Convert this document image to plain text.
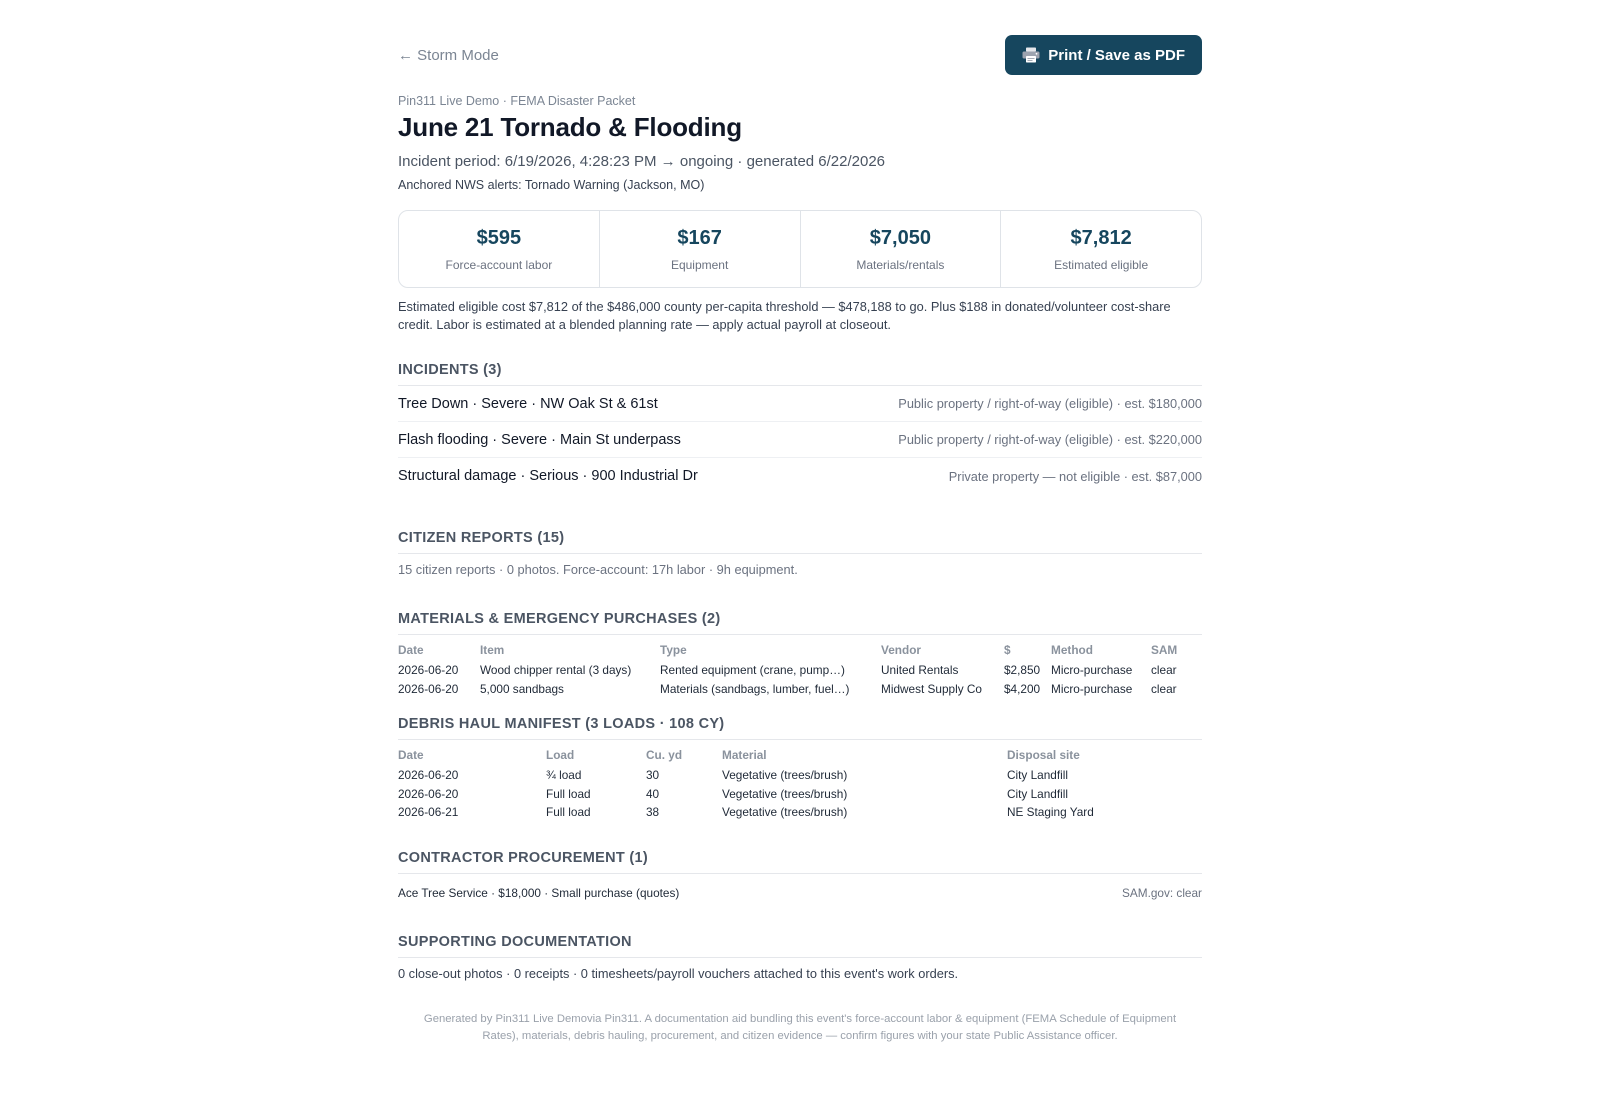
← Storm Mode	Print / Save as PDF
Pin311 Live Demo · FEMA Disaster Packet
June 21 Tornado & Flooding
Incident period: 6/19/2026, 4:28:23 PM → ongoing · generated 6/22/2026
Anchored NWS alerts: Tornado Warning (Jackson, MO)
$595
Force-account labor
$167
Equipment
$7,050
Materials/rentals
$7,812
Estimated eligible

Estimated eligible cost $7,812 of the $486,000 county per-capita threshold — $478,188 to go. Plus $188 in donated/volunteer cost-share credit. Labor is estimated at a blended planning rate — apply actual payroll at closeout.

INCIDENTS (3)
Tree Down · Severe · NW Oak St & 61st	Public property / right-of-way (eligible) · est. $180,000
Flash flooding · Severe · Main St underpass	Public property / right-of-way (eligible) · est. $220,000
Structural damage · Serious · 900 Industrial Dr	Private property — not eligible · est. $87,000
CITIZEN REPORTS (15)

15 citizen reports · 0 photos. Force-account: 17h labor · 9h equipment.

MATERIALS & EMERGENCY PURCHASES (2)
Date	Item	Type	Vendor	$	Method	SAM
2026-06-20	Wood chipper rental (3 days)	Rented equipment (crane, pump…)	United Rentals	$2,850	Micro-purchase	clear
2026-06-20	5,000 sandbags	Materials (sandbags, lumber, fuel…)	Midwest Supply Co	$4,200	Micro-purchase	clear
DEBRIS HAUL MANIFEST (3 LOADS · 108 CY)
Date	Load	Cu. yd	Material	Disposal site
2026-06-20	¾ load	30	Vegetative (trees/brush)	City Landfill
2026-06-20	Full load	40	Vegetative (trees/brush)	City Landfill
2026-06-21	Full load	38	Vegetative (trees/brush)	NE Staging Yard
CONTRACTOR PROCUREMENT (1)
Ace Tree Service · $18,000 · Small purchase (quotes)	SAM.gov: clear
SUPPORTING DOCUMENTATION

0 close-out photos · 0 receipts · 0 timesheets/payroll vouchers attached to this event's work orders.

Generated by Pin311 Live Demovia Pin311. A documentation aid bundling this event's force-account labor & equipment (FEMA Schedule of Equipment Rates), materials, debris hauling, procurement, and citizen evidence — confirm figures with your state Public Assistance officer.
